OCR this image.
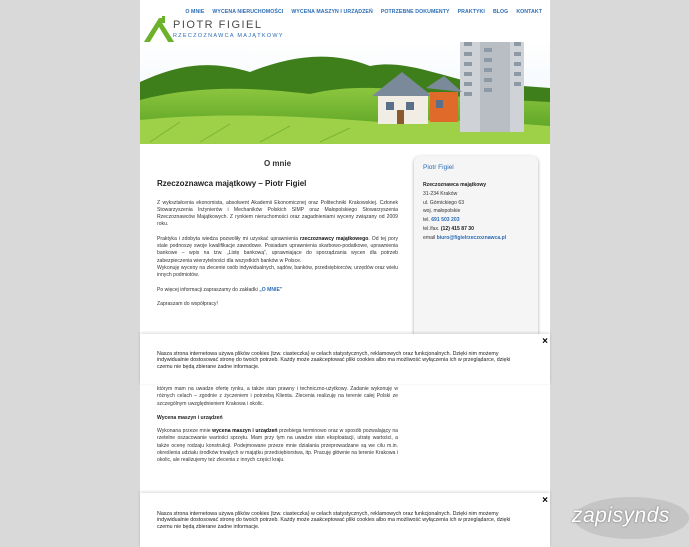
PIOTR FIGIEL
RZECZOZNAWCA MAJĄTKOWY
O MNIE WYCENA NIERUCHOMOŚCI WYCENA MASZYN I URZĄDZEŃ POTRZEBNE DOKUMENTY PRAKTYKI BLOG KONTAKT
O mnie
Rzeczoznawca majątkowy – Piotr Figiel

Z wykształcenia ekonomista, absolwent Akademii Ekonomicznej oraz Politechniki Krakowskiej. Członek Stowarzyszenia Inżynierów i Mechaników Polskich SIMP oraz Małopolskiego Stowarzyszenia Rzeczoznawców Majątkowych. Z rynkiem nieruchomości oraz zagadnieniami wyceny związany od 2009 roku.

Praktyka i zdobyta wiedza pozwoliły mi uzyskać uprawnienia rzeczoznawcy majątkowego. Od tej pory stale podnoszę swoje kwalifikacje zawodowe. Posiadam uprawnienia skarbowo-podatkowe, uprawnienia bankowe – wpis na tzw. „Listę bankową”, uprawniające do sporządzania wycen dla potrzeb zabezpieczenia wierzytelności dla wszystkich banków w Polsce.
Wykonuję wyceny na zlecenie osób indywidualnych, sądów, banków, przedsiębiorców, urzędów oraz wielu innych podmiotów.

Po więcej informacji zapraszamy do zakładki „O MNIE”

Zapraszam do współpracy!

którym mam na uwadze ofertę rynku, a także stan prawny i techniczno-użytkowy. Zadanie wykonuję w różnych celach – zgodnie z życzeniem i potrzebą Klienta. Zlecenia realizuję na terenie całej Polski ze szczególnym uwzględnieniem Krakowa i okolic.

Wycena maszyn i urządzeń

Wykonana przeze mnie wycena maszyn i urządzeń przebiega terminowo oraz w sposób pozwalający na rzetelne oszacowanie wartości sprzętu. Mam przy tym na uwadze stan eksploatacji, utratę wartości, a także ocenę rodzaju konstrukcji. Podejmowane przeze mnie działania przeprowadzane są we cilu m.in. określenia udziału środków trwałych w majątku przedsiębiorstwa, itp. Pracuję głównie na terenie Krakowa i okolic, ale realizujemy też zlecenia z innych części kraju.

Piotr Figiel
Rzeczoznawca majątkowy
31-234 Kraków
ul. Górnickiego 63
woj. małopolskie
tel. 691 503 203
tel./fax. (12) 415 87 30
email biuro@figielrzeczoznawca.pl
×
Nasza strona internetowa używa plików cookies (tzw. ciasteczka) w celach statystycznych, reklamowych oraz funkcjonalnych. Dzięki nim możemy indywidualnie dostosować stronę do twoich potrzeb. Każdy może zaakceptować pliki cookies albo ma możliwość wyłączenia ich w przeglądarce, dzięki czemu nie będą zbierane żadne informacje.
×
Nasza strona internetowa używa plików cookies (tzw. ciasteczka) w celach statystycznych, reklamowych oraz funkcjonalnych. Dzięki nim możemy indywidualnie dostosować stronę do twoich potrzeb. Każdy może zaakceptować pliki cookies albo ma możliwość wyłączenia ich w przeglądarce, dzięki czemu nie będą zbierane żadne informacje.	zapisynds
